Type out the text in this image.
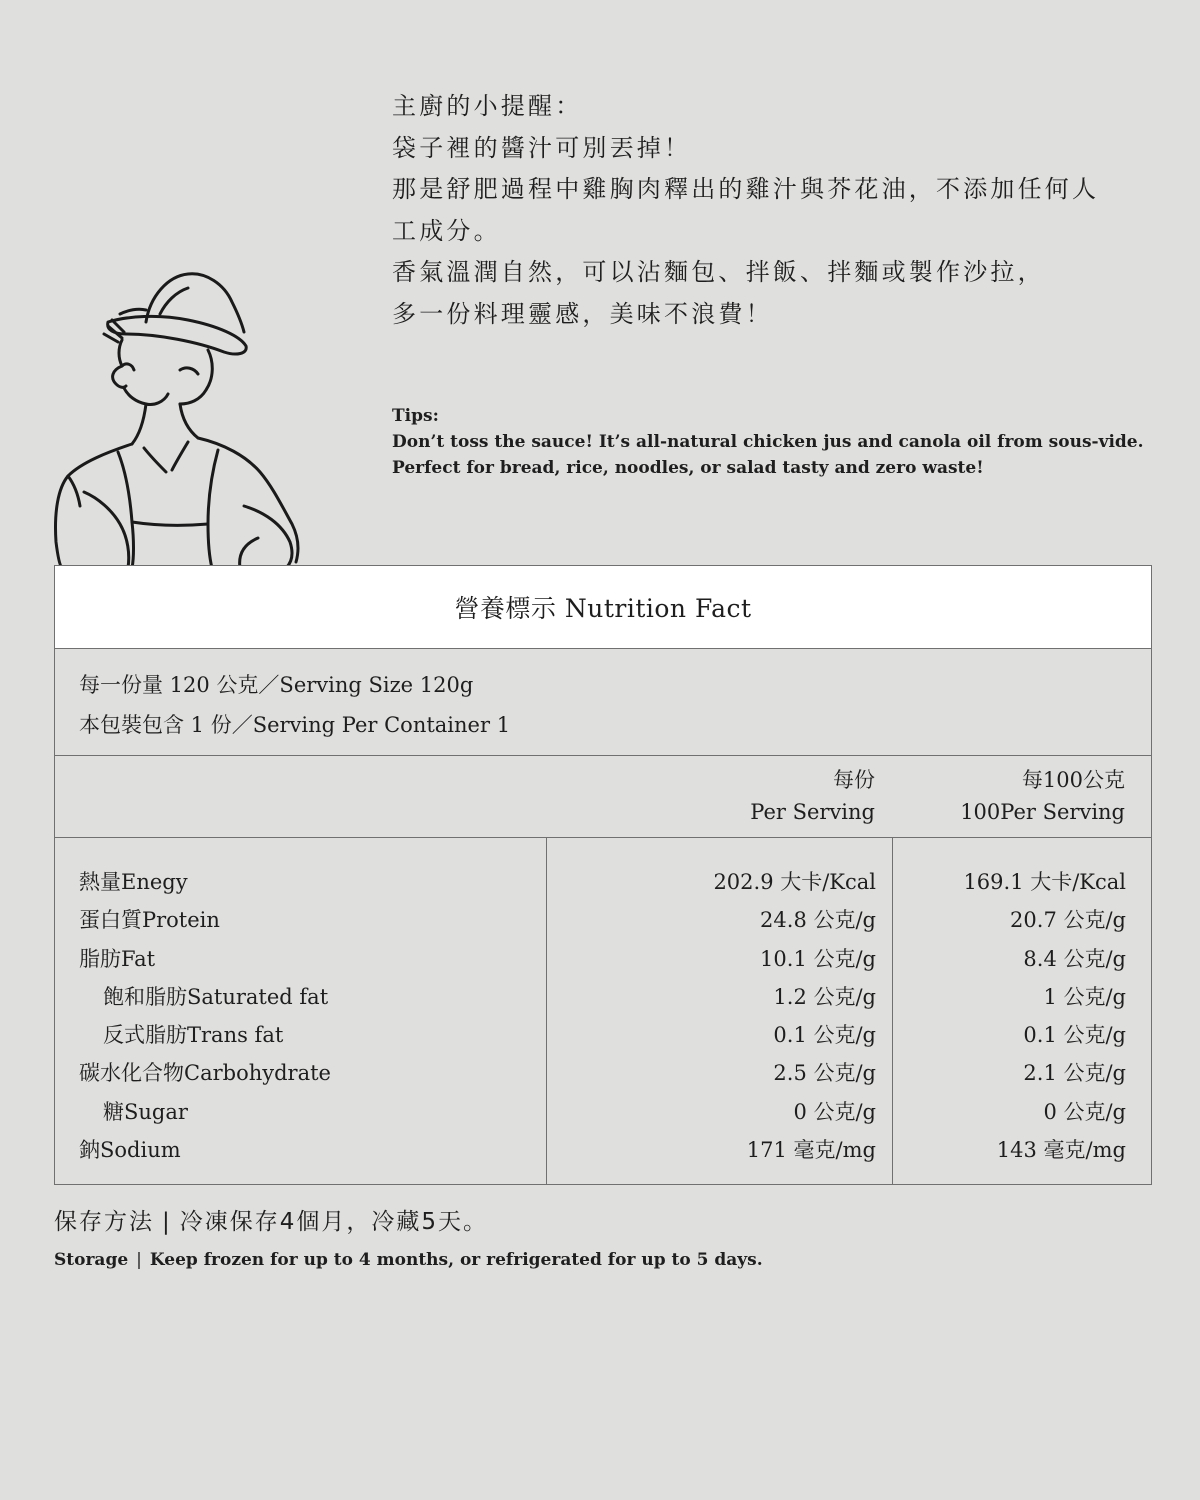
主廚的小提醒：
袋子裡的醬汁可別丟掉！
那是舒肥過程中雞胸肉釋出的雞汁與芥花油，不添加任何人
工成分。
香氣溫潤自然，可以沾麵包、拌飯、拌麵或製作沙拉，
多一份料理靈感，美味不浪費！
Tips:
Don’t toss the sauce! It’s all-natural chicken jus and canola oil from sous-vide.
Perfect for bread, rice, noodles, or salad tasty and zero waste!
營養標示 Nutrition Fact
每一份量 120 公克／Serving Size 120g
本包裝包含 1 份／Serving Per Container 1
每份
Per Serving
每100公克
100Per Serving
熱量Enegy
蛋白質Protein
脂肪Fat
飽和脂肪Saturated fat
反式脂肪Trans fat
碳水化合物Carbohydrate
糖Sugar
鈉Sodium
202.9 大卡/Kcal
24.8 公克/g
10.1 公克/g
1.2 公克/g
0.1 公克/g
2.5 公克/g
0 公克/g
171 毫克/mg
169.1 大卡/Kcal
20.7 公克/g
8.4 公克/g
1 公克/g
0.1 公克/g
2.1 公克/g
0 公克/g
143 毫克/mg
保存方法 | 冷凍保存4個月，冷藏5天。
Storage | Keep frozen for up to 4 months, or refrigerated for up to 5 days.
